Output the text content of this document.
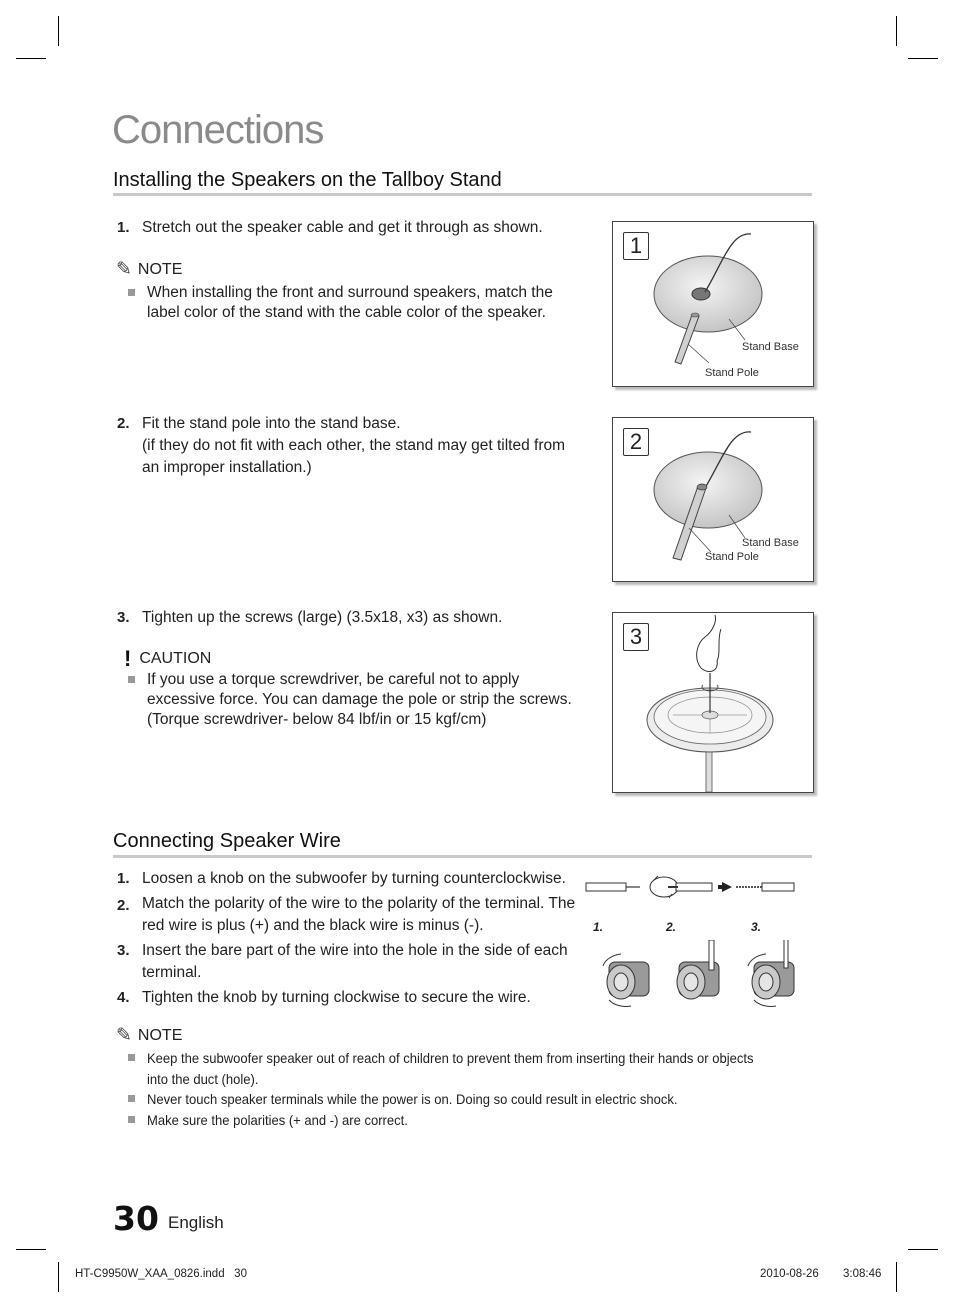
Connections
Installing the Speakers on the Tallboy Stand
1. Stretch out the speaker cable and get it through as shown.
✎ NOTE
When installing the front and surround speakers, match the
label color of the stand with the cable color of the speaker.
2. Fit the stand pole into the stand base.
(if they do not fit with each other, the stand may get tilted from
an improper installation.)
3. Tighten up the screws (large) (3.5x18, x3) as shown.
! CAUTION
If you use a torque screwdriver, be careful not to apply
excessive force. You can damage the pole or strip the screws.
(Torque screwdriver- below 84 lbf/in or 15 kgf/cm)
1
Stand Base
Stand Pole
2
Stand Base
Stand Pole
3
Connecting Speaker Wire
1. Loosen a knob on the subwoofer by turning counterclockwise.
2. Match the polarity of the wire to the polarity of the terminal. The
red wire is plus (+) and the black wire is minus (-).
3. Insert the bare part of the wire into the hole in the side of each
terminal.
4. Tighten the knob by turning clockwise to secure the wire.
1.	2.	3.
✎ NOTE
Keep the subwoofer speaker out of reach of children to prevent them from inserting their hands or objects
into the duct (hole).
Never touch speaker terminals while the power is on. Doing so could result in electric shock.
Make sure the polarities (+ and -) are correct.
30 English
HT-C9950W_XAA_0826.indd   30	2010-08-26 3:08:46
